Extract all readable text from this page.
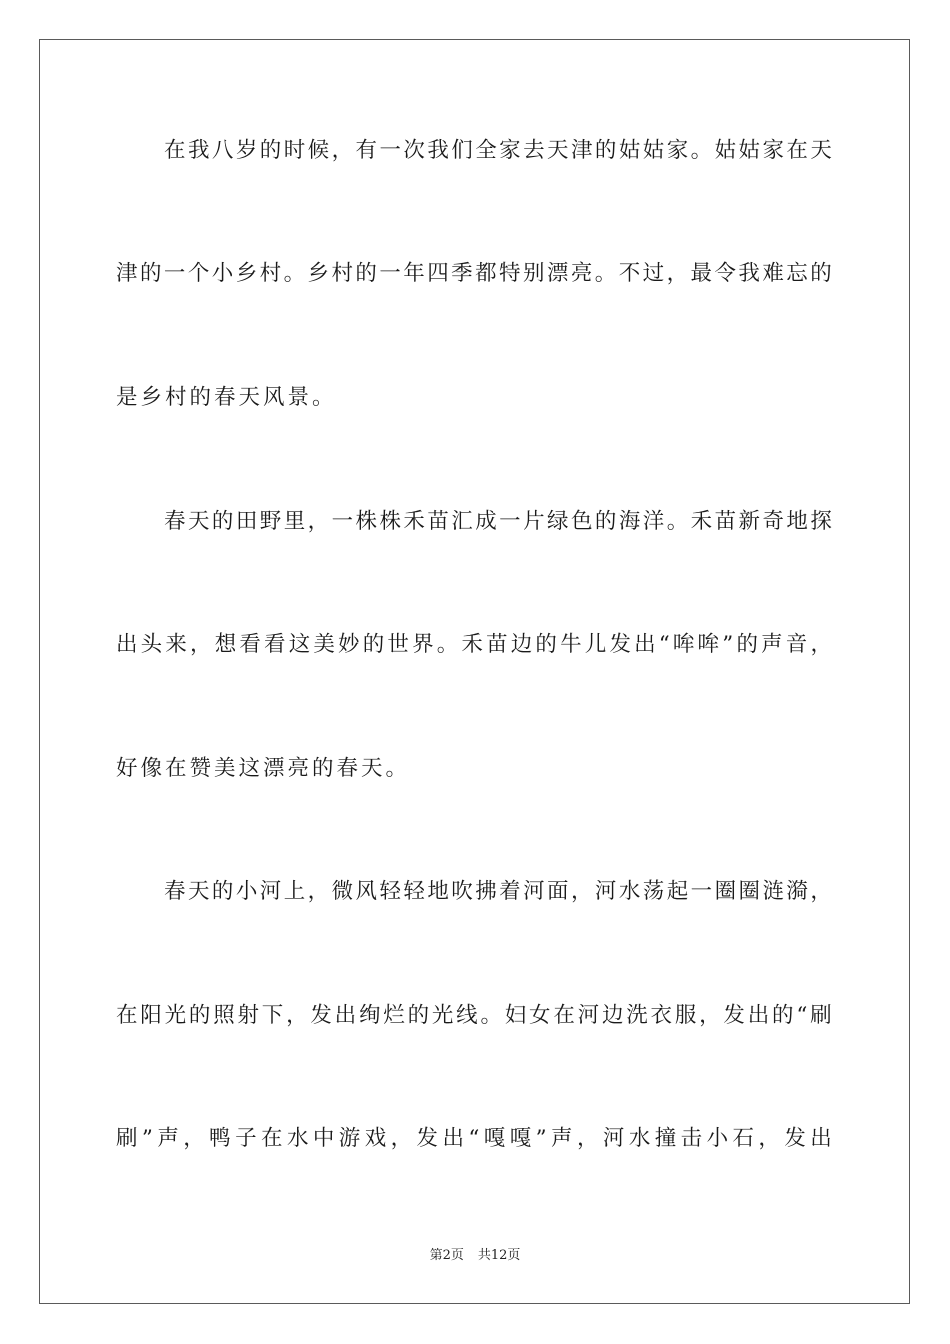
在 我 八 岁 的 时 候 ， 有 一 次 我 们 全 家 去 天 津 的 姑 姑 家 。 姑 姑 家 在 天
津 的 一 个 小 乡 村 。 乡 村 的 一 年 四 季 都 特 别 漂 亮 。 不 过 ， 最 令 我 难 忘 的
是乡村的春天风景。
春 天 的 田 野 里 ， 一 株 株 禾 苗 汇 成 一 片 绿 色 的 海 洋 。 禾 苗 新 奇 地 探
出 头 来 ， 想 看 看 这 美 妙 的 世 界 。 禾 苗 边 的 牛 儿 发 出 “ 哞 哞 ” 的 声 音 ，
好像在赞美这漂亮的春天。
春 天 的 小 河 上 ， 微 风 轻 轻 地 吹 拂 着 河 面 ， 河 水 荡 起 一 圈 圈 涟 漪 ，
在 阳 光 的 照 射 下 ， 发 出 绚 烂 的 光 线 。 妇 女 在 河 边 洗 衣 服 ， 发 出 的 “ 刷
刷 ” 声 ， 鸭 子 在 水 中 游 戏 ， 发 出 “ 嘎 嘎 ” 声 ， 河 水 撞 击 小 石 ， 发 出
第2页 共12页
